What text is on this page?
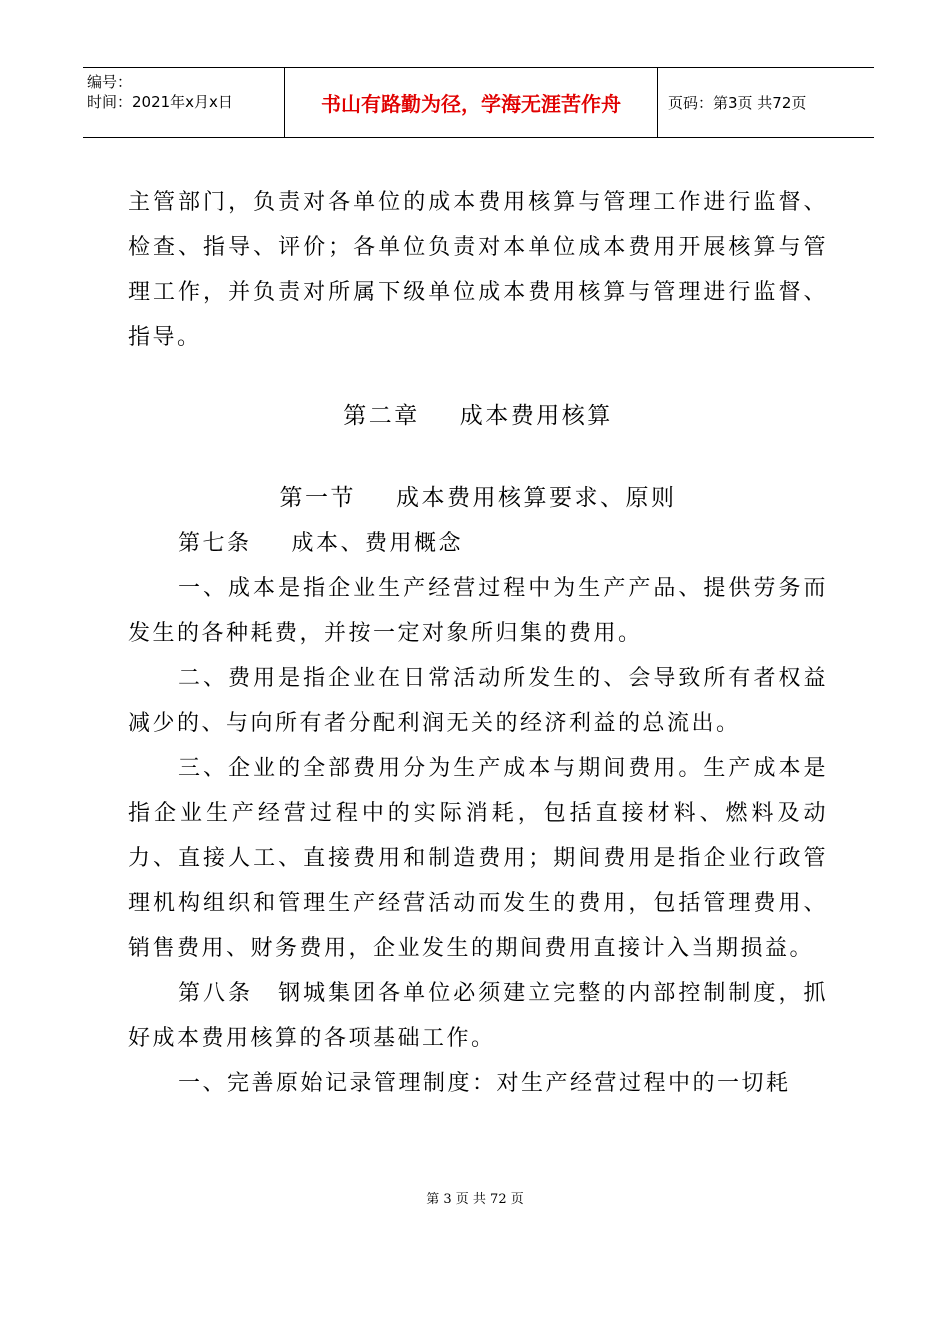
编号：
时间：2021年x月x日	书山有路勤为径，学海无涯苦作舟	页码：第3页 共72页

主管部门，负责对各单位的成本费用核算与管理工作进行监督、检查、指导、评价；各单位负责对本单位成本费用开展核算与管理工作，并负责对所属下级单位成本费用核算与管理进行监督、指导。

第二章 成本费用核算
第一节 成本费用核算要求、原则

第七条 成本、费用概念

一、成本是指企业生产经营过程中为生产产品、提供劳务而发生的各种耗费，并按一定对象所归集的费用。

二、费用是指企业在日常活动所发生的、会导致所有者权益减少的、与向所有者分配利润无关的经济利益的总流出。

三、企业的全部费用分为生产成本与期间费用。生产成本是指企业生产经营过程中的实际消耗，包括直接材料、燃料及动力、直接人工、直接费用和制造费用；期间费用是指企业行政管理机构组织和管理生产经营活动而发生的费用，包括管理费用、销售费用、财务费用，企业发生的期间费用直接计入当期损益。

第八条　钢城集团各单位必须建立完整的内部控制制度，抓好成本费用核算的各项基础工作。

一、完善原始记录管理制度：对生产经营过程中的一切耗

第 3 页 共 72 页
